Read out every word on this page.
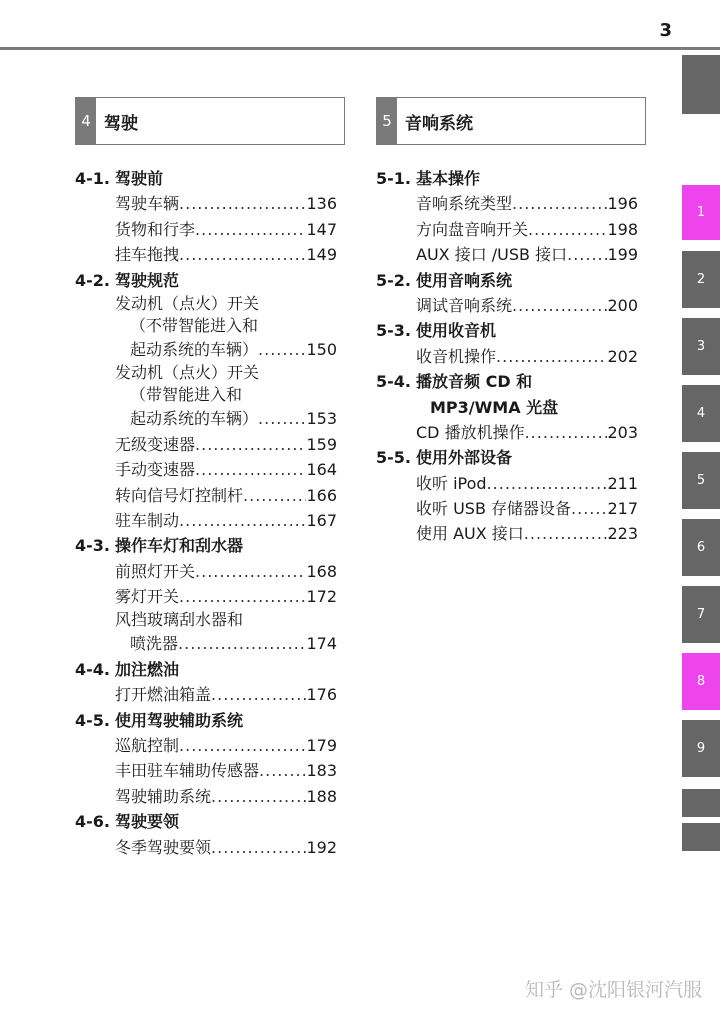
3
1
2
3
4
5
6
7
8
9
4 驾驶	5 音响系统
4-1. 驾驶前
驾驶车辆 .....	136
货物和行李 .....	147
挂车拖拽 .....	149
4-2. 驾驶规范
发动机（点火）开关
（不带智能进入和
起动系统的车辆） .....	150
发动机（点火）开关
（带智能进入和
起动系统的车辆） .....	153
无级变速器 .....	159
手动变速器 .....	164
转向信号灯控制杆 .....	166
驻车制动 .....	167
4-3. 操作车灯和刮水器
前照灯开关 .....	168
雾灯开关 .....	172
风挡玻璃刮水器和
喷洗器 .....	174
4-4. 加注燃油
打开燃油箱盖 .....	176
4-5. 使用驾驶辅助系统
巡航控制 .....	179
丰田驻车辅助传感器 .....	183
驾驶辅助系统 .....	188
4-6. 驾驶要领
冬季驾驶要领 .....	192
5-1. 基本操作
音响系统类型 .....	196
方向盘音响开关 .....	198
AUX 接口 /USB 接口 .....	199
5-2. 使用音响系统
调试音响系统 .....	200
5-3. 使用收音机
收音机操作 .....	202
5-4. 播放音频 CD 和
MP3/WMA 光盘
CD 播放机操作 .....	203
5-5. 使用外部设备
收听 iPod .....	211
收听 USB 存储器设备 ..... 217
使用 AUX 接口 .....	223
知乎 @沈阳银河汽服
